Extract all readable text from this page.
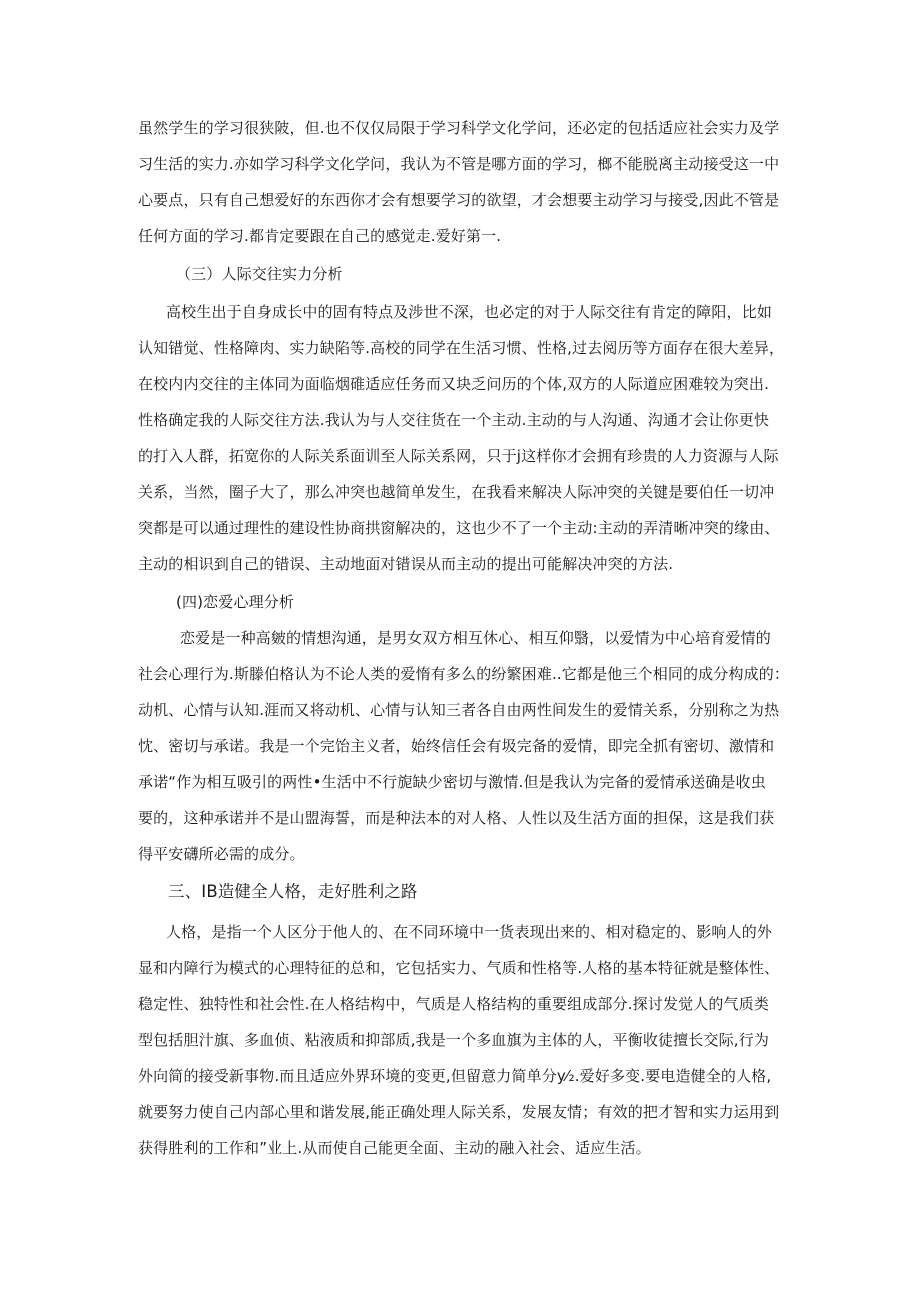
虽然学生的学习很狭陂，但.也不仅仅局限于学习科学文化学问，还必定的包括适应社会实力及学
习生活的实力.亦如学习科学文化学问，我认为不管是哪方面的学习，榔不能脱离主动接受这一中
心要点，只有自己想爱好的东西你才会有想要学习的欲望，才会想要主动学习与接受,因此不管是
任何方面的学习.都肯定要跟在自己的感觉走.爱好第一.
（三）人际交往实力分析
高校生出于自身成长中的固有特点及涉世不深，也必定的对于人际交往有肯定的障阳，比如
认知错觉、性格障肉、实力缺陷等.高校的同学在生活习惯、性格,过去阅历等方面存在很大差异，
在校内内交往的主体同为面临烟碓适应任务而又块乏问历的个体,双方的人际道应困难较为突出.
性格确定我的人际交往方法.我认为与人交往货在一个主动.主动的与人沟通、沟通才会让你更快
的打入人群，拓宽你的人际关系面训至人际关系网，只于j这样你才会拥有珍贵的人力资源与人际
关系，当然，圈子大了，那么冲突也越简单发生，在我看来解决人际冲突的关键是要伯任一切冲
突都是可以通过理性的建设性协商拱窗解决的，这也少不了一个主动:主动的弄清晰冲突的缘由、
主动的相识到自己的错误、主动地面对错误从而主动的提出可能解决冲突的方法.
(四)恋爱心理分析
恋爱是一种高皴的情想沟通，是男女双方相互休心、相互仰翳，以爱情为中心培育爱情的
社会心理行为.斯滕伯格认为不论人类的爱惰有多么的纷繁困难..它都是他三个相同的成分构成的：
动机、心情与认知.涯而又将动机、心情与认知三者各自由两性间发生的爱情关系，分别称之为热
忱、密切与承诺。我是一个完饴主义者，始终信任会有圾完备的爱情，即完全抓有密切、激情和
承诺“作为相互吸引的两性•生活中不行旎缺少密切与激情.但是我认为完备的爱情承送确是收虫
要的，这种承诺并不是山盟海誓，而是种法本的对人格、人性以及生活方面的担保，这是我们获
得平安礴所必需的成分。
三、IB造健全人格，走好胜利之路
人格，是指一个人区分于他人的、在不同环境中一货表现出来的、相对稳定的、影响人的外
显和内障行为模式的心理特征的总和，它包括实力、气质和性格等.人格的基本特征就是整体性、
稳定性、独特性和社会性.在人格结构中，气质是人格结构的重要组成部分.探讨发觉人的气质类
型包括胆汁旗、多血侦、粘液质和抑部质,我是一个多血旗为主体的人，平衡收徒擅长交际,行为
外向简的接受新事物.而且适应外界环境的变更,但留意力简单分y⁄₂.爱好多变.要电造健全的人格,
就要努力使自己内部心里和谐发展,能正确处理人际关系，发展友情；有效的把才智和实力运用到
获得胜利的工作和”业上.从而使自己能更全面、主动的融入社会、适应生活。
